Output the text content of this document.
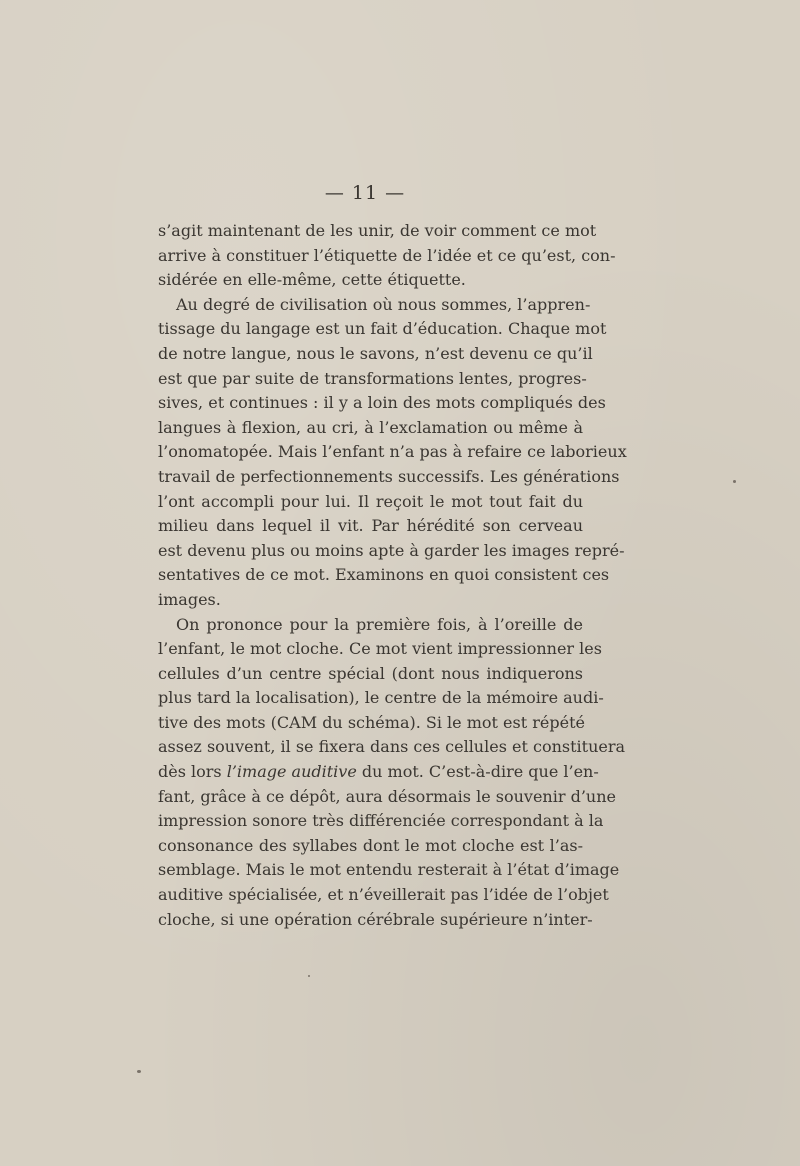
— 11 —
s’agit maintenant de les unir, de voir comment ce mot
arrive à constituer l’étiquette de l’idée et ce qu’est, con-
sidérée en elle-même, cette étiquette.
Au degré de civilisation où nous sommes, l’appren-
tissage du langage est un fait d’éducation. Chaque mot
de notre langue, nous le savons, n’est devenu ce qu’il
est que par suite de transformations lentes, progres-
sives, et continues : il y a loin des mots compliqués des
langues à flexion, au cri, à l’exclamation ou même à
l’onomatopée. Mais l’enfant n’a pas à refaire ce laborieux
travail de perfectionnements successifs. Les générations
l’ont accompli pour lui. Il reçoit le mot tout fait du
milieu dans lequel il vit. Par hérédité son cerveau
est devenu plus ou moins apte à garder les images repré-
sentatives de ce mot. Examinons en quoi consistent ces
images.
On prononce pour la première fois, à l’oreille de
l’enfant, le mot cloche. Ce mot vient impressionner les
cellules d’un centre spécial (dont nous indiquerons
plus tard la localisation), le centre de la mémoire audi-
tive des mots (CAM du schéma). Si le mot est répété
assez souvent, il se fixera dans ces cellules et constituera
dès lors l’image auditive du mot. C’est-à-dire que l’en-
fant, grâce à ce dépôt, aura désormais le souvenir d’une
impression sonore très différenciée correspondant à la
consonance des syllabes dont le mot cloche est l’as-
semblage. Mais le mot entendu resterait à l’état d’image
auditive spécialisée, et n’éveillerait pas l’idée de l’objet
cloche, si une opération cérébrale supérieure n’inter-
